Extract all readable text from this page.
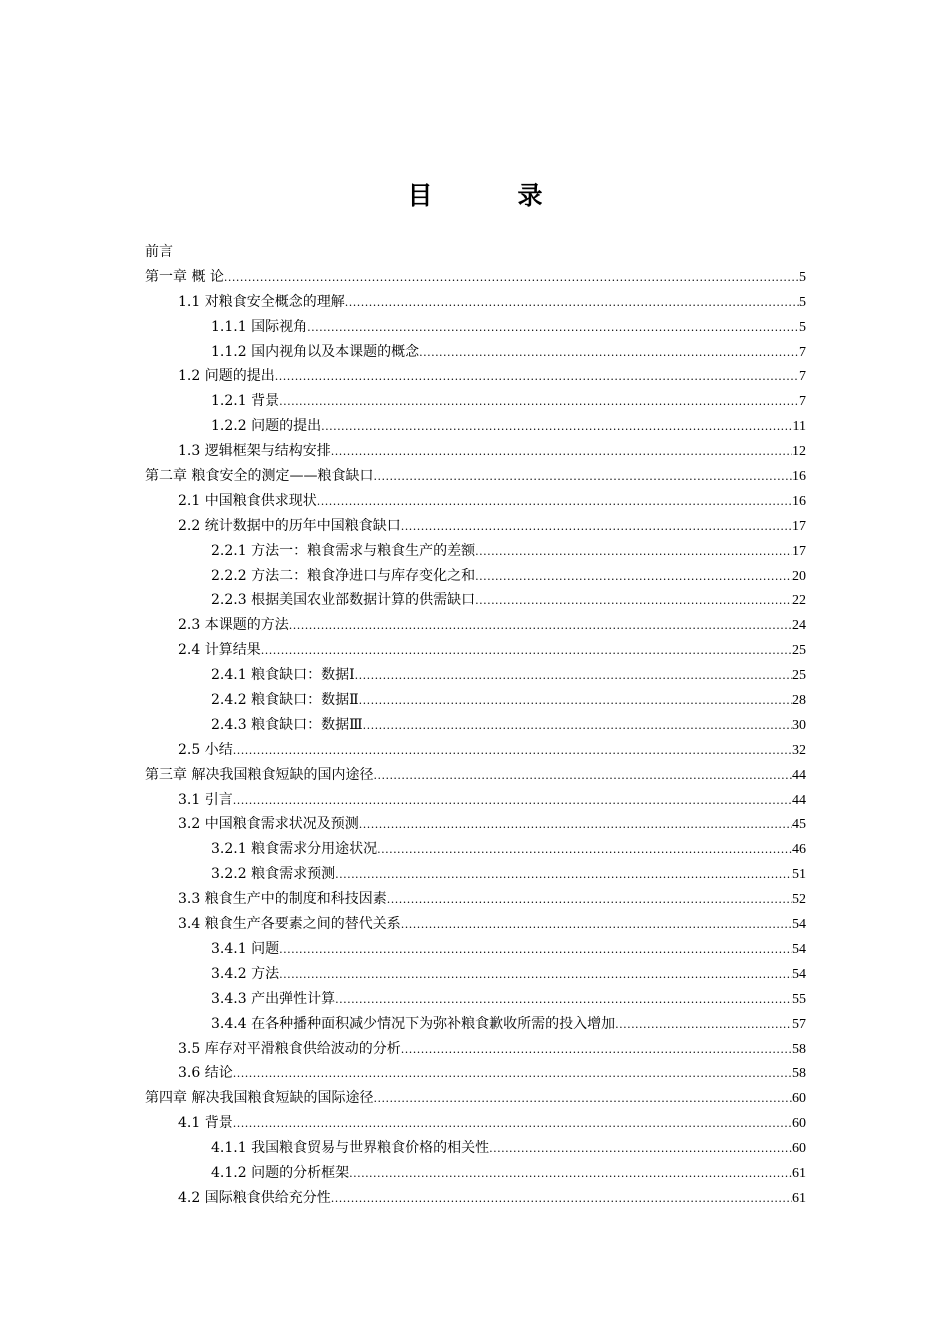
目　录
前言
第一章 概 论 .....	5
1.1 对粮食安全概念的理解 .....	5
1.1.1 国际视角 .....	5
1.1.2 国内视角以及本课题的概念 .....	7
1.2 问题的提出 .....	7
1.2.1 背景 .....	7
1.2.2 问题的提出 .....	11
1.3 逻辑框架与结构安排 .....	12
第二章 粮食安全的测定——粮食缺口 .....	16
2.1 中国粮食供求现状 .....	16
2.2 统计数据中的历年中国粮食缺口 .....	17
2.2.1 方法一：粮食需求与粮食生产的差额 .....	17
2.2.2 方法二：粮食净进口与库存变化之和 .....	20
2.2.3 根据美国农业部数据计算的供需缺口 .....	22
2.3 本课题的方法 .....	24
2.4 计算结果 .....	25
2.4.1 粮食缺口：数据Ⅰ .....	25
2.4.2 粮食缺口：数据Ⅱ .....	28
2.4.3 粮食缺口：数据Ⅲ .....	30
2.5 小结 .....	32
第三章 解决我国粮食短缺的国内途径 .....	44
3.1 引言 .....	44
3.2 中国粮食需求状况及预测 .....	45
3.2.1 粮食需求分用途状况 .....	46
3.2.2 粮食需求预测 .....	51
3.3 粮食生产中的制度和科技因素 .....	52
3.4 粮食生产各要素之间的替代关系 .....	54
3.4.1 问题 .....	54
3.4.2 方法 .....	54
3.4.3 产出弹性计算 .....	55
3.4.4 在各种播种面积减少情况下为弥补粮食歉收所需的投入增加 .....	57
3.5 库存对平滑粮食供给波动的分析 .....	58
3.6 结论 .....	58
第四章 解决我国粮食短缺的国际途径 .....	60
4.1 背景 .....	60
4.1.1 我国粮食贸易与世界粮食价格的相关性 .....	60
4.1.2 问题的分析框架 .....	61
4.2 国际粮食供给充分性 .....	61
